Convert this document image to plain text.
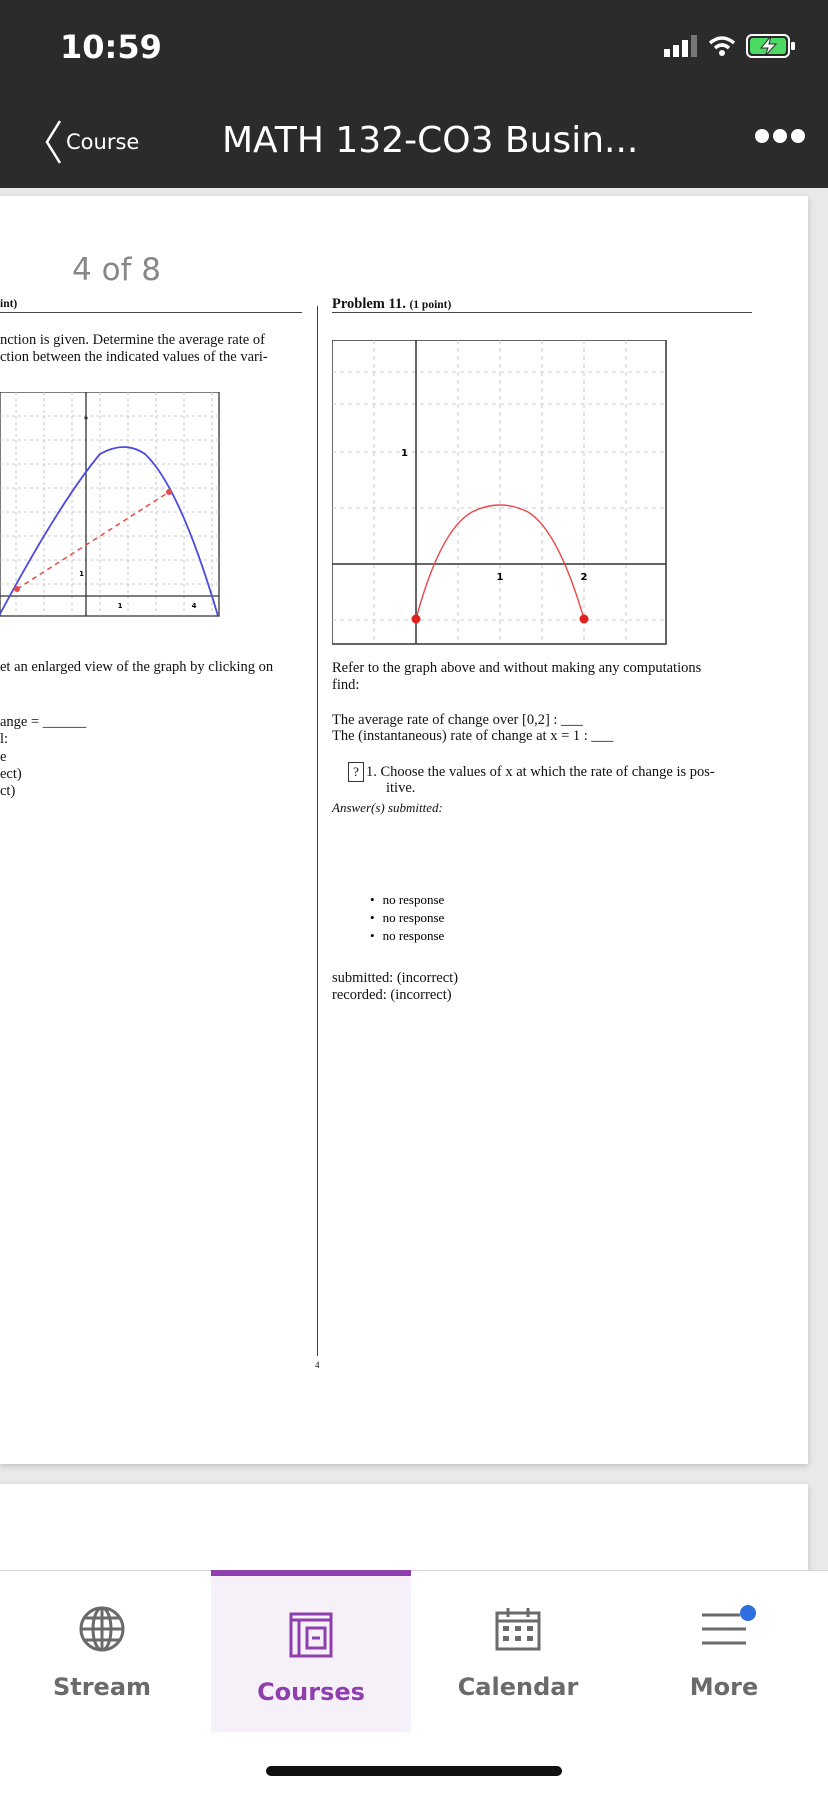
10:59
Course MATH 132-CO3 Busin...
4 of 8
int)
nction is given. Determine the average rate of
ction between the indicated values of the vari-
1
1	4
et an enlarged view of the graph by clicking on
ange = ______
l:
e
ect)
ct)
Problem 11. (1 point)
1
1	2
Refer to the graph above and without making any computations
find:
The average rate of change over [0,2] : ___
The (instantaneous) rate of change at x = 1 : ___
? 1. Choose the values of x at which the rate of change is pos-
itive.
Answer(s) submitted:
• no response
• no response
• no response
submitted: (incorrect)
recorded: (incorrect)
4
Stream	Courses	Calendar	More
